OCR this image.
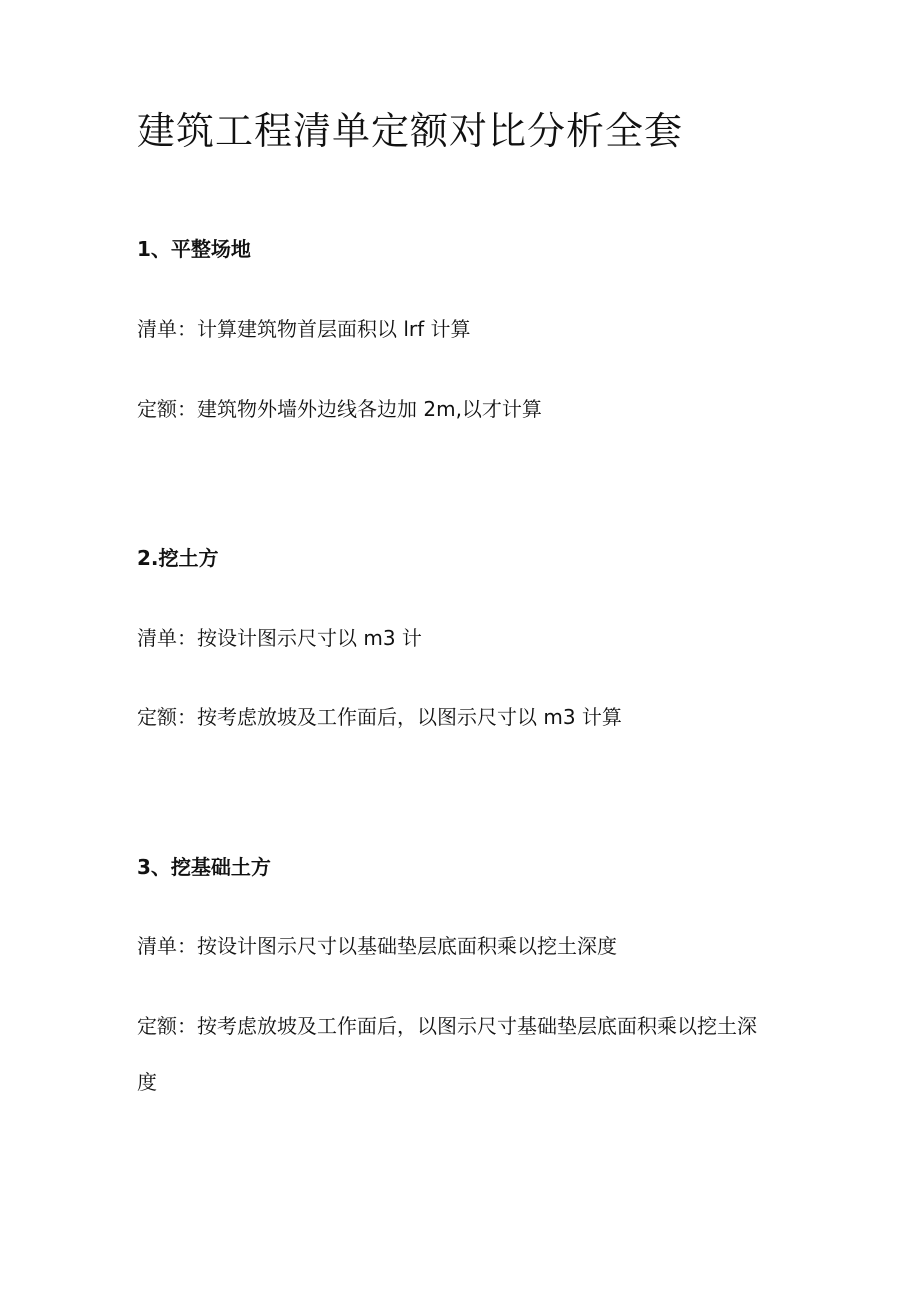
建筑工程清单定额对比分析全套
1、平整场地

清单：计算建筑物首层面积以 lrf 计算

定额：建筑物外墙外边线各边加 2m,以才计算

2.挖土方

清单：按设计图示尺寸以 m3 计

定额：按考虑放坡及工作面后，以图示尺寸以 m3 计算

3、挖基础土方

清单：按设计图示尺寸以基础垫层底面积乘以挖土深度

定额：按考虑放坡及工作面后，以图示尺寸基础垫层底面积乘以挖土深

度
